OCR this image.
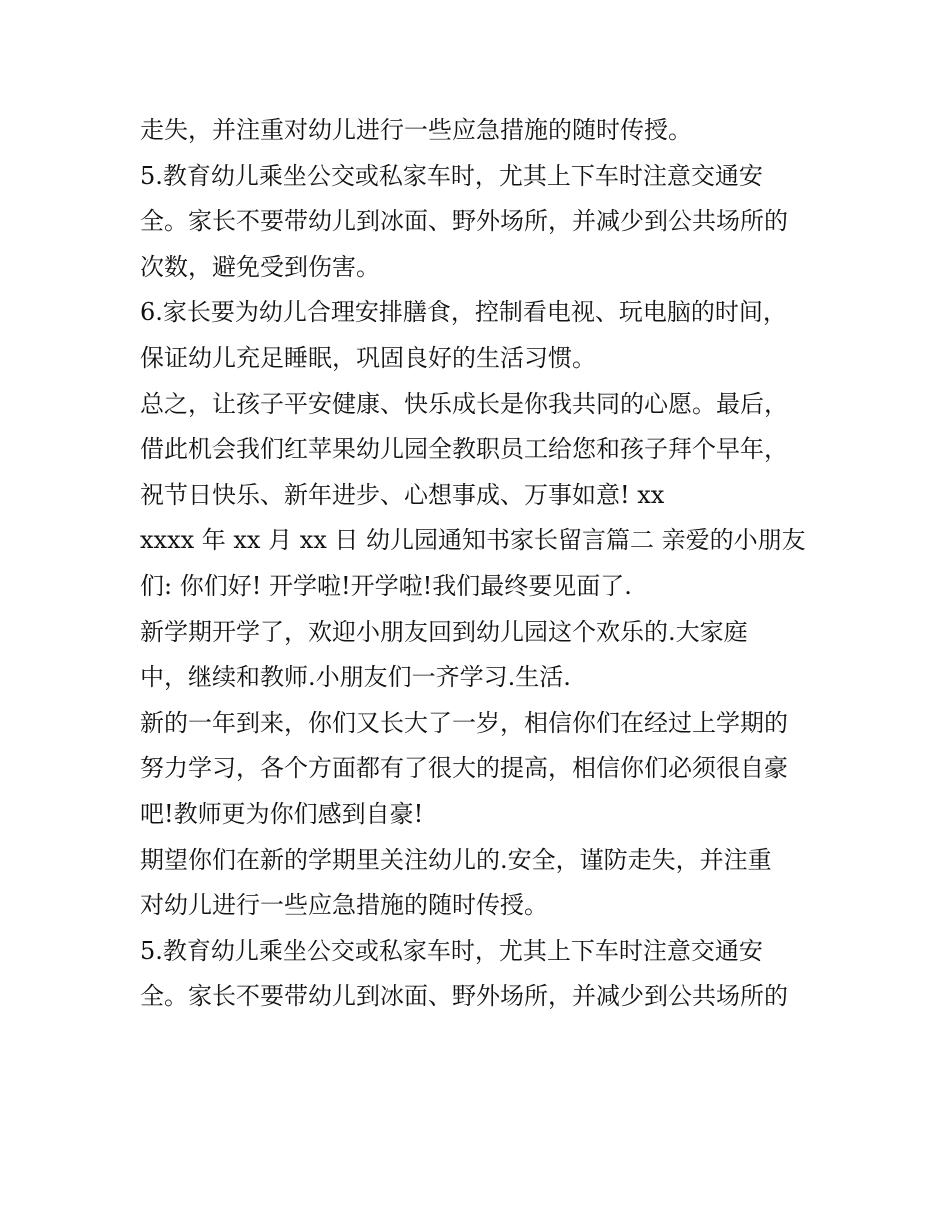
走失，并注重对幼儿进行一些应急措施的随时传授。
5.教育幼儿乘坐公交或私家车时，尤其上下车时注意交通安
全。家长不要带幼儿到冰面、野外场所，并减少到公共场所的
次数，避免受到伤害。
6.家长要为幼儿合理安排膳食，控制看电视、玩电脑的时间，
保证幼儿充足睡眠，巩固良好的生活习惯。
总之，让孩子平安健康、快乐成长是你我共同的心愿。最后，
借此机会我们红苹果幼儿园全教职员工给您和孩子拜个早年，
祝节日快乐、新年进步、心想事成、万事如意! xx
xxxx 年 xx 月 xx 日 幼儿园通知书家长留言篇二 亲爱的小朋友
们: 你们好! 开学啦!开学啦!我们最终要见面了.
新学期开学了，欢迎小朋友回到幼儿园这个欢乐的.大家庭
中，继续和教师.小朋友们一齐学习.生活.
新的一年到来，你们又长大了一岁，相信你们在经过上学期的
努力学习，各个方面都有了很大的提高，相信你们必须很自豪
吧!教师更为你们感到自豪!
期望你们在新的学期里关注幼儿的.安全，谨防走失，并注重
对幼儿进行一些应急措施的随时传授。
5.教育幼儿乘坐公交或私家车时，尤其上下车时注意交通安
全。家长不要带幼儿到冰面、野外场所，并减少到公共场所的
